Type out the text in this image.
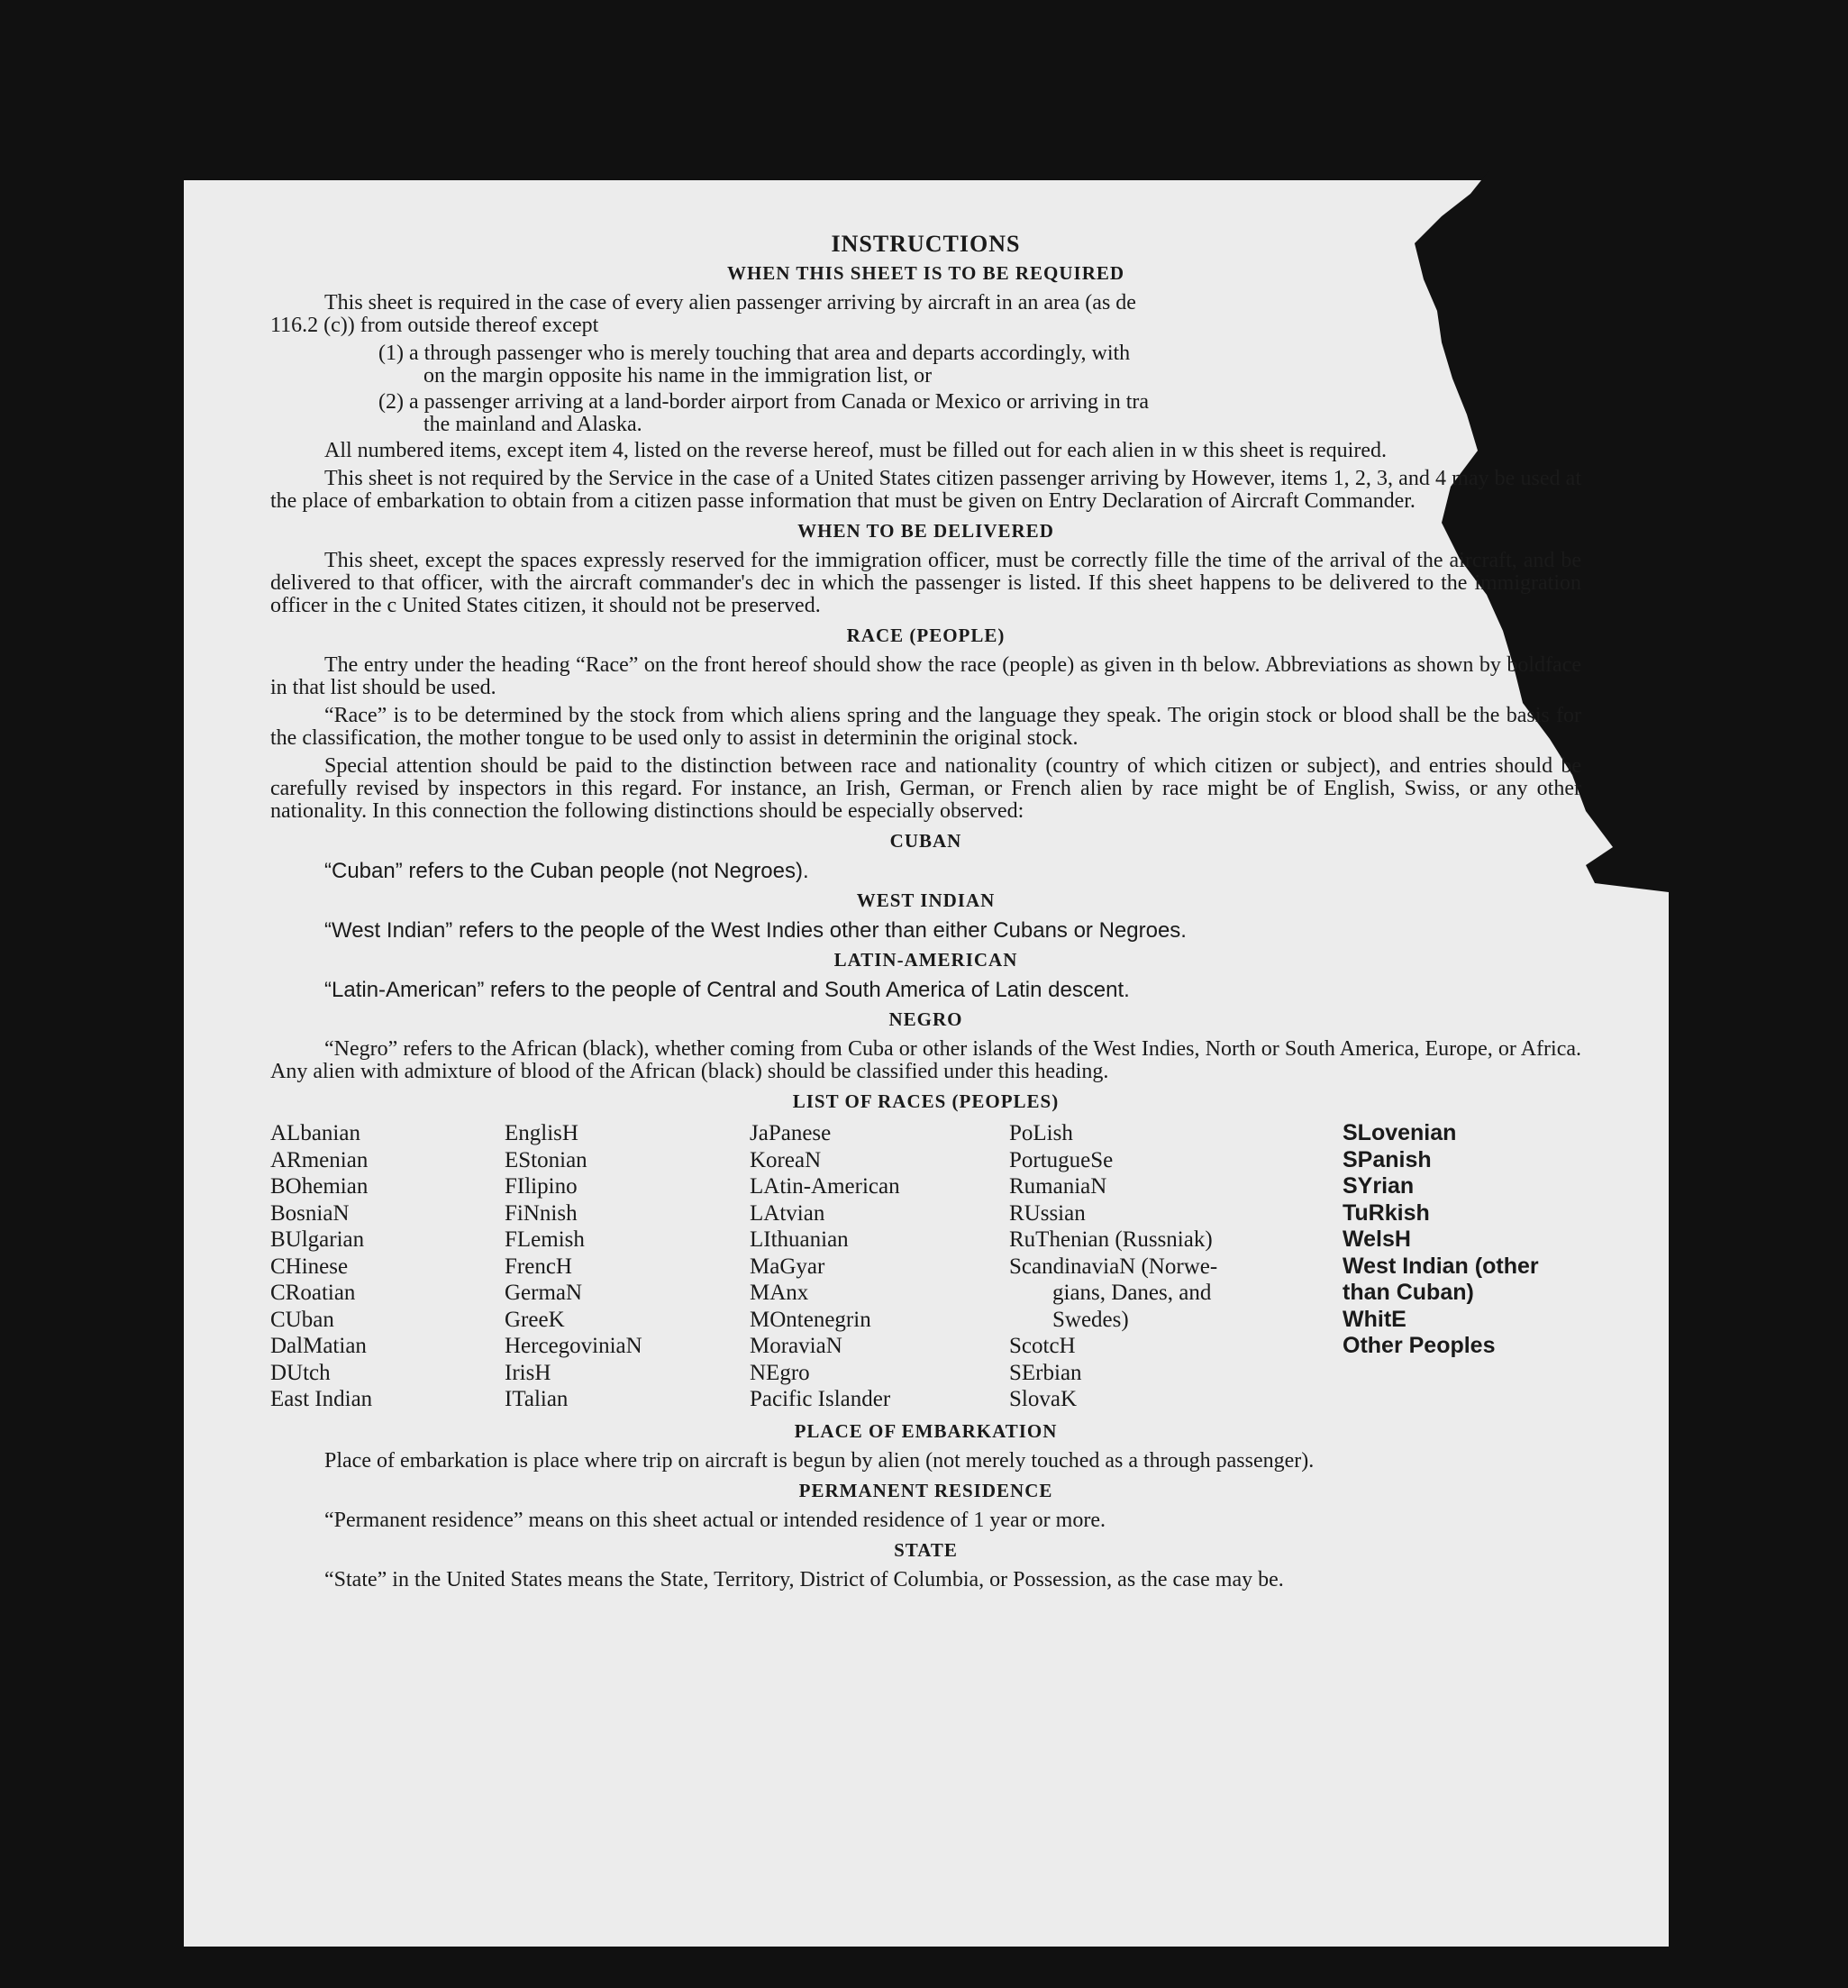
INSTRUCTIONS
WHEN THIS SHEET IS TO BE REQUIRED

This sheet is required in the case of every alien passenger arriving by aircraft in an area (as de
116.2 (c)) from outside thereof except

(1) a through passenger who is merely touching that area and departs accordingly, with
on the margin opposite his name in the immigration list, or
(2) a passenger arriving at a land-border airport from Canada or Mexico or arriving in tra
the mainland and Alaska.

All numbered items, except item 4, listed on the reverse hereof, must be filled out for each alien in w this sheet is required.

This sheet is not required by the Service in the case of a United States citizen passenger arriving by However, items 1, 2, 3, and 4 may be used at the place of embarkation to obtain from a citizen passe information that must be given on Entry Declaration of Aircraft Commander.

WHEN TO BE DELIVERED

This sheet, except the spaces expressly reserved for the immigration officer, must be correctly fille the time of the arrival of the aircraft, and be delivered to that officer, with the aircraft commander's dec in which the passenger is listed. If this sheet happens to be delivered to the immigration officer in the c United States citizen, it should not be preserved.

RACE (PEOPLE)

The entry under the heading “Race” on the front hereof should show the race (people) as given in th below. Abbreviations as shown by boldface in that list should be used.

“Race” is to be determined by the stock from which aliens spring and the language they speak. The origin stock or blood shall be the basis for the classification, the mother tongue to be used only to assist in determinin the original stock.

Special attention should be paid to the distinction between race and nationality (country of which citizen or subject), and entries should be carefully revised by inspectors in this regard. For instance, an Irish, German, or French alien by race might be of English, Swiss, or any other nationality. In this connection the following distinctions should be especially observed:

CUBAN

“Cuban” refers to the Cuban people (not Negroes).

WEST INDIAN

“West Indian” refers to the people of the West Indies other than either Cubans or Negroes.

LATIN-AMERICAN

“Latin-American” refers to the people of Central and South America of Latin descent.

NEGRO

“Negro” refers to the African (black), whether coming from Cuba or other islands of the West Indies, North or South America, Europe, or Africa. Any alien with admixture of blood of the African (black) should be classified under this heading.

LIST OF RACES (PEOPLES)
ALbanian
ARmenian
BOhemian
BosniaN
BUlgarian
CHinese
CRoatian
CUban
DalMatian
DUtch
East Indian
EnglisH
EStonian
FIlipino
FiNnish
FLemish
FrencH
GermaN
GreeK
HercegoviniaN
IrisH
ITalian
JaPanese
KoreaN
LAtin-American
LAtvian
LIthuanian
MaGyar
MAnx
MOntenegrin
MoraviaN
NEgro
Pacific Islander
PoLish
PortugueSe
RumaniaN
RUssian
RuThenian (Russniak)
ScandinaviaN (Norwe-
gians, Danes, and
Swedes)
ScotcH
SErbian
SlovaK
SLovenian
SPanish
SYrian
TuRkish
WelsH
West Indian (other
than Cuban)
WhitE
Other Peoples
PLACE OF EMBARKATION

Place of embarkation is place where trip on aircraft is begun by alien (not merely touched as a through passenger).

PERMANENT RESIDENCE

“Permanent residence” means on this sheet actual or intended residence of 1 year or more.

STATE

“State” in the United States means the State, Territory, District of Columbia, or Possession, as the case may be.
